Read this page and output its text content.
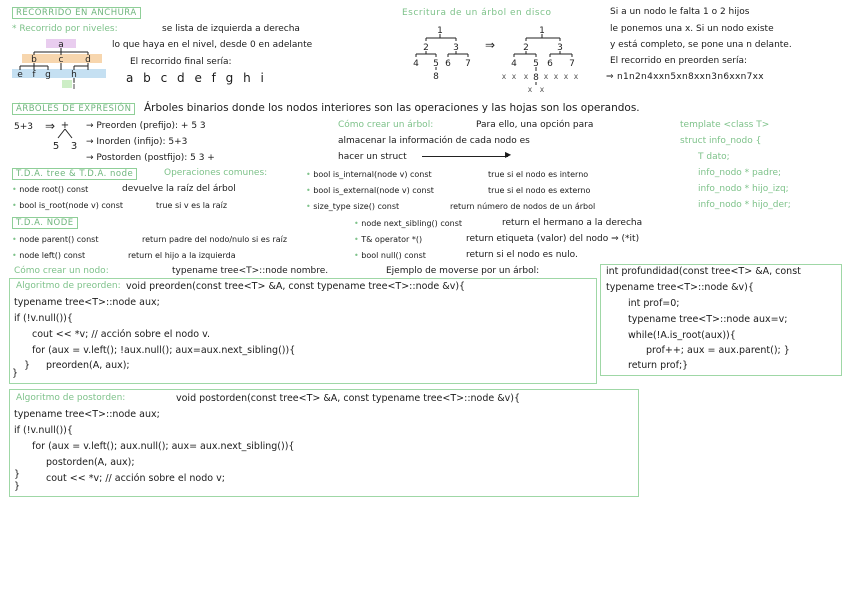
RECORRIDO EN ANCHURA
* Recorrido por niveles:	se lista de izquierda a derecha
lo que haya en el nivel, desde 0 en adelante
El recorrido final sería:
a b c d e f g h i
a
b c d
e f g h
i
Escritura de un árbol en disco
1
2	3
4 5 6 7
8
1
2	3
4 5 6 7
8
x x x x x x x
x x
⇒
Si a un nodo le falta 1 o 2 hijos
le ponemos una x. Si un nodo existe
y está completo, se pone una n delante.
El recorrido en preorden sería:
⇒ n1n2n4xxn5xn8xxn3n6xxn7xx
ÁRBOLES DE EXPRESIÓN	Árboles binarios donde los nodos interiores son las operaciones y las hojas son los operandos.
5+3 ⇒ +
5 3
→ Preorden (prefijo): + 5 3
→ Inorden (infijo): 5+3
→ Postorden (postfijo): 5 3 +
Cómo crear un árbol:	Para ello, una opción para
almacenar la información de cada nodo es
hacer un struct	▶
template <class T>
struct info_nodo {
T dato;
info_nodo * padre;
info_nodo * hijo_izq;
info_nodo * hijo_der;
T.D.A. tree & T.D.A. node	Operaciones comunes:
• node root() const	devuelve la raíz del árbol
• bool is_root(node v) const	true si v es la raíz
• bool is_internal(node v) const	true si el nodo es interno
• bool is_external(node v) const	true si el nodo es externo
• size_type size() const	return número de nodos de un árbol
T.D.A. NODE
• node parent() const	return padre del nodo/nulo si es raíz
• node left() const	return el hijo a la izquierda
• node next_sibling() const	return el hermano a la derecha
• T& operator *()	return etiqueta (valor) del nodo ⇒ (*it)
• bool null() const	return si el nodo es nulo.
Cómo crear un nodo:	typename tree<T>::node nombre.	Ejemplo de moverse por un árbol:
Algoritmo de preorden: void preorden(const tree<T> &A, const typename tree<T>::node &v){
typename tree<T>::node aux;
if (!v.null()){
cout << *v; // acción sobre el nodo v.
for (aux = v.left(); !aux.null(); aux=aux.next_sibling()){
} preorden(A, aux);
}
int profundidad(const tree<T> &A, const
typename tree<T>::node &v){
int prof=0;
typename tree<T>::node aux=v;
while(!A.is_root(aux)){
prof++; aux = aux.parent(); }
return prof;}
Algoritmo de postorden:	void postorden(const tree<T> &A, const typename tree<T>::node &v){
typename tree<T>::node aux;
if (!v.null()){
for (aux = v.left(); aux.null(); aux= aux.next_sibling()){
postorden(A, aux);
cout << *v; // acción sobre el nodo v;
}
}
